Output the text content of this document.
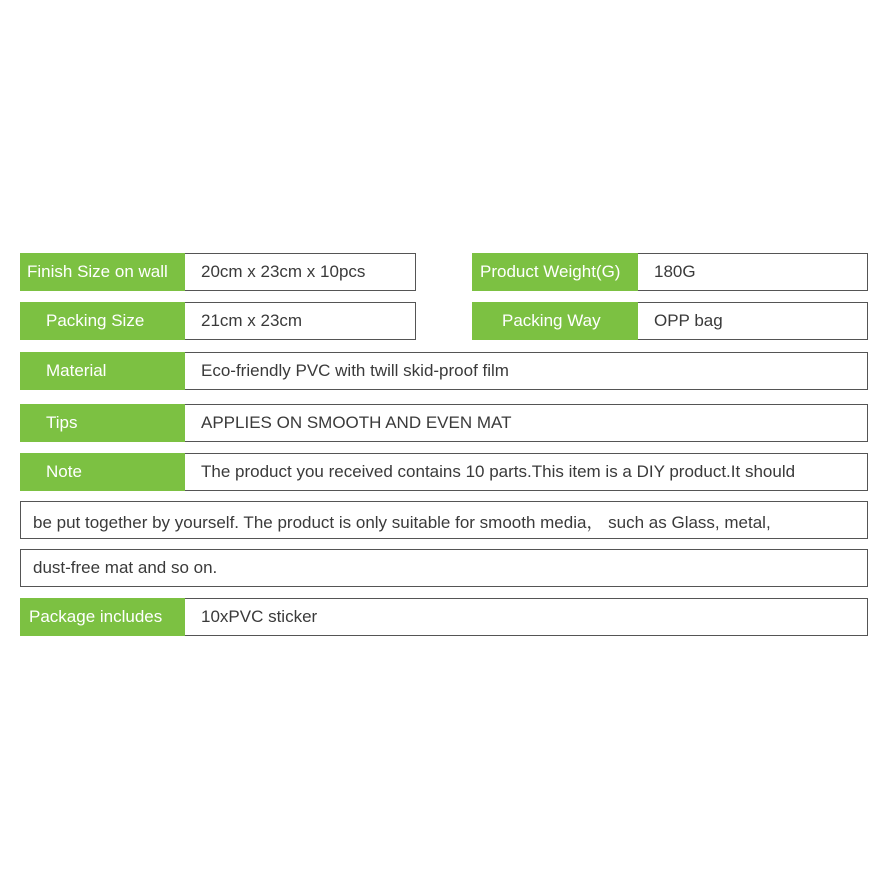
Finish Size on wall	20cm x 23cm x 10pcs	Product Weight(G)	180G
Packing Size	21cm x 23cm	Packing Way	OPP bag
Material	Eco-friendly PVC with twill skid-proof film
Tips	APPLIES ON SMOOTH AND EVEN MAT
Note	The product you received contains 10 parts.This item is a DIY product.It should
be put together by yourself. The product is only suitable for smooth media， such as Glass, metal,
dust-free mat and so on.
Package includes	10xPVC sticker
